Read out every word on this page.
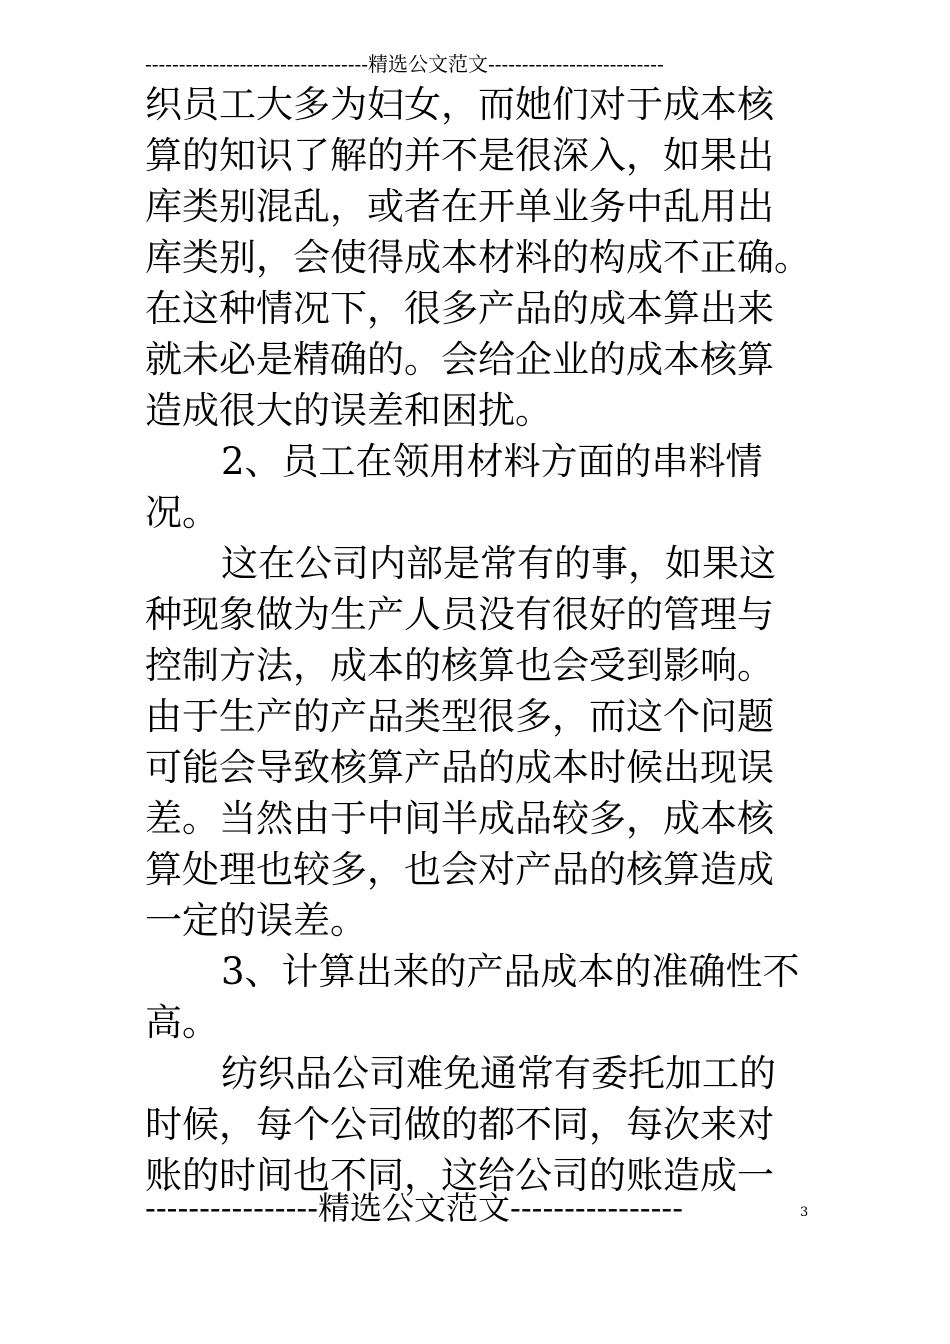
---------------------------------精选公文范文--------------------------
织员工大多为妇女，而她们对于成本核
算的知识了解的并不是很深入，如果出
库类别混乱，或者在开单业务中乱用出
库类别，会使得成本材料的构成不正确。
在这种情况下，很多产品的成本算出来
就未必是精确的。会给企业的成本核算
造成很大的误差和困扰。
2、员工在领用材料方面的串料情
况。
这在公司内部是常有的事，如果这
种现象做为生产人员没有很好的管理与
控制方法，成本的核算也会受到影响。
由于生产的产品类型很多，而这个问题
可能会导致核算产品的成本时候出现误
差。当然由于中间半成品较多，成本核
算处理也较多，也会对产品的核算造成
一定的误差。
3、计算出来的产品成本的准确性不
高。
纺织品公司难免通常有委托加工的
时候，每个公司做的都不同，每次来对
账的时间也不同，这给公司的账造成一
----------------精选公文范文----------------	3
